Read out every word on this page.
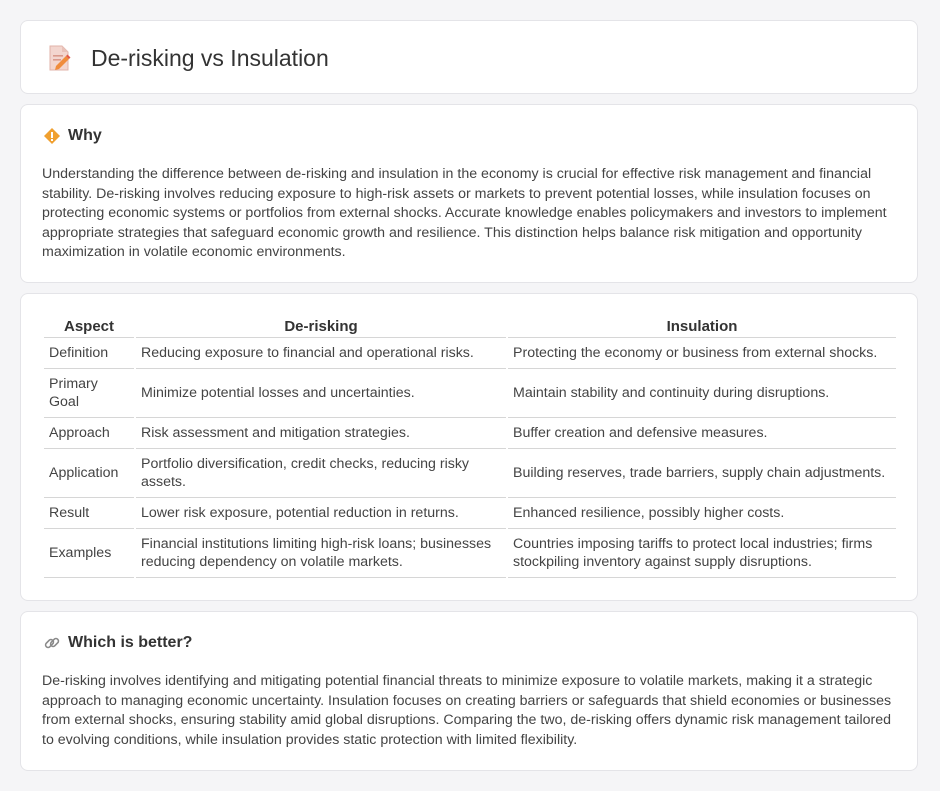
De-risking vs Insulation
Why

Understanding the difference between de-risking and insulation in the economy is crucial for effective risk management and financial stability. De-risking involves reducing exposure to high-risk assets or markets to prevent potential losses, while insulation focuses on protecting economic systems or portfolios from external shocks. Accurate knowledge enables policymakers and investors to implement appropriate strategies that safeguard economic growth and resilience. This distinction helps balance risk mitigation and opportunity maximization in volatile economic environments.

Aspect	De-risking	Insulation
Definition	Reducing exposure to financial and operational risks.	Protecting the economy or business from external shocks.
Primary Goal	Minimize potential losses and uncertainties.	Maintain stability and continuity during disruptions.
Approach	Risk assessment and mitigation strategies.	Buffer creation and defensive measures.
Application	Portfolio diversification, credit checks, reducing risky assets.	Building reserves, trade barriers, supply chain adjustments.
Result	Lower risk exposure, potential reduction in returns.	Enhanced resilience, possibly higher costs.
Examples	Financial institutions limiting high-risk loans; businesses reducing dependency on volatile markets.	Countries imposing tariffs to protect local industries; firms stockpiling inventory against supply disruptions.
Which is better?

De-risking involves identifying and mitigating potential financial threats to minimize exposure to volatile markets, making it a strategic approach to managing economic uncertainty. Insulation focuses on creating barriers or safeguards that shield economies or businesses from external shocks, ensuring stability amid global disruptions. Comparing the two, de-risking offers dynamic risk management tailored to evolving conditions, while insulation provides static protection with limited flexibility.
